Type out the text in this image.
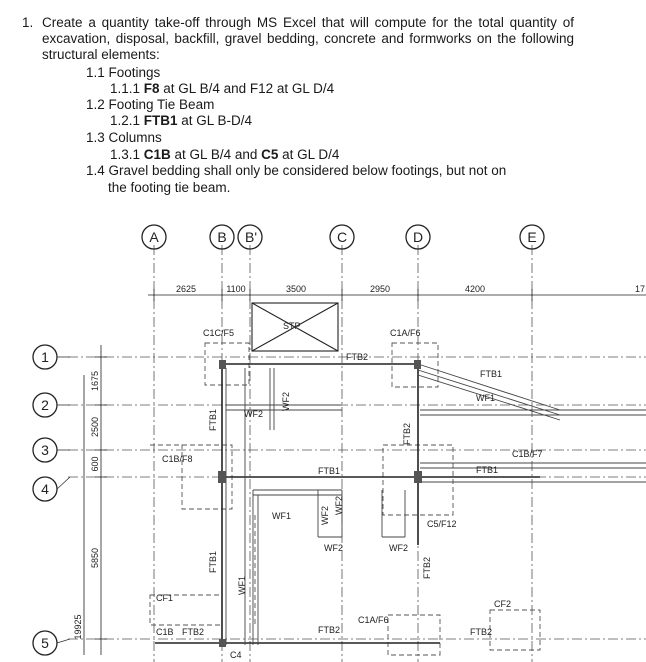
1. Create a quantity take-off through MS Excel that will compute for the total quantity of excavation, disposal, backfill, gravel bedding, concrete and formworks on the following structural elements:
1.1 Footings
1.1.1 F8 at GL B/4 and F12 at GL D/4
1.2 Footing Tie Beam
1.2.1 FTB1 at GL B-D/4
1.3 Columns
1.3.1 C1B at GL B/4 and C5 at GL D/4
1.4 Gravel bedding shall only be considered below footings, but not on
the footing tie beam.
A	B B'	C	D	E
1
2
3
4
5
2625	1100	3500	2950	4200	17
1675
2500
600
5850
19925
C1C/F5
STP
C1A/F6
FTB2
FTB1
WF1
C1B/F8
FTB1	FTB1
C1B/F7
WF2
WF2
FTB1
FTB2
WF1	WF2
WF2
WF2	WF2
C5/F12
FTB1
WF1
FTB2
CF1
C1B FTB2
C4
FTB2
C1A/F6
CF2
FTB2
